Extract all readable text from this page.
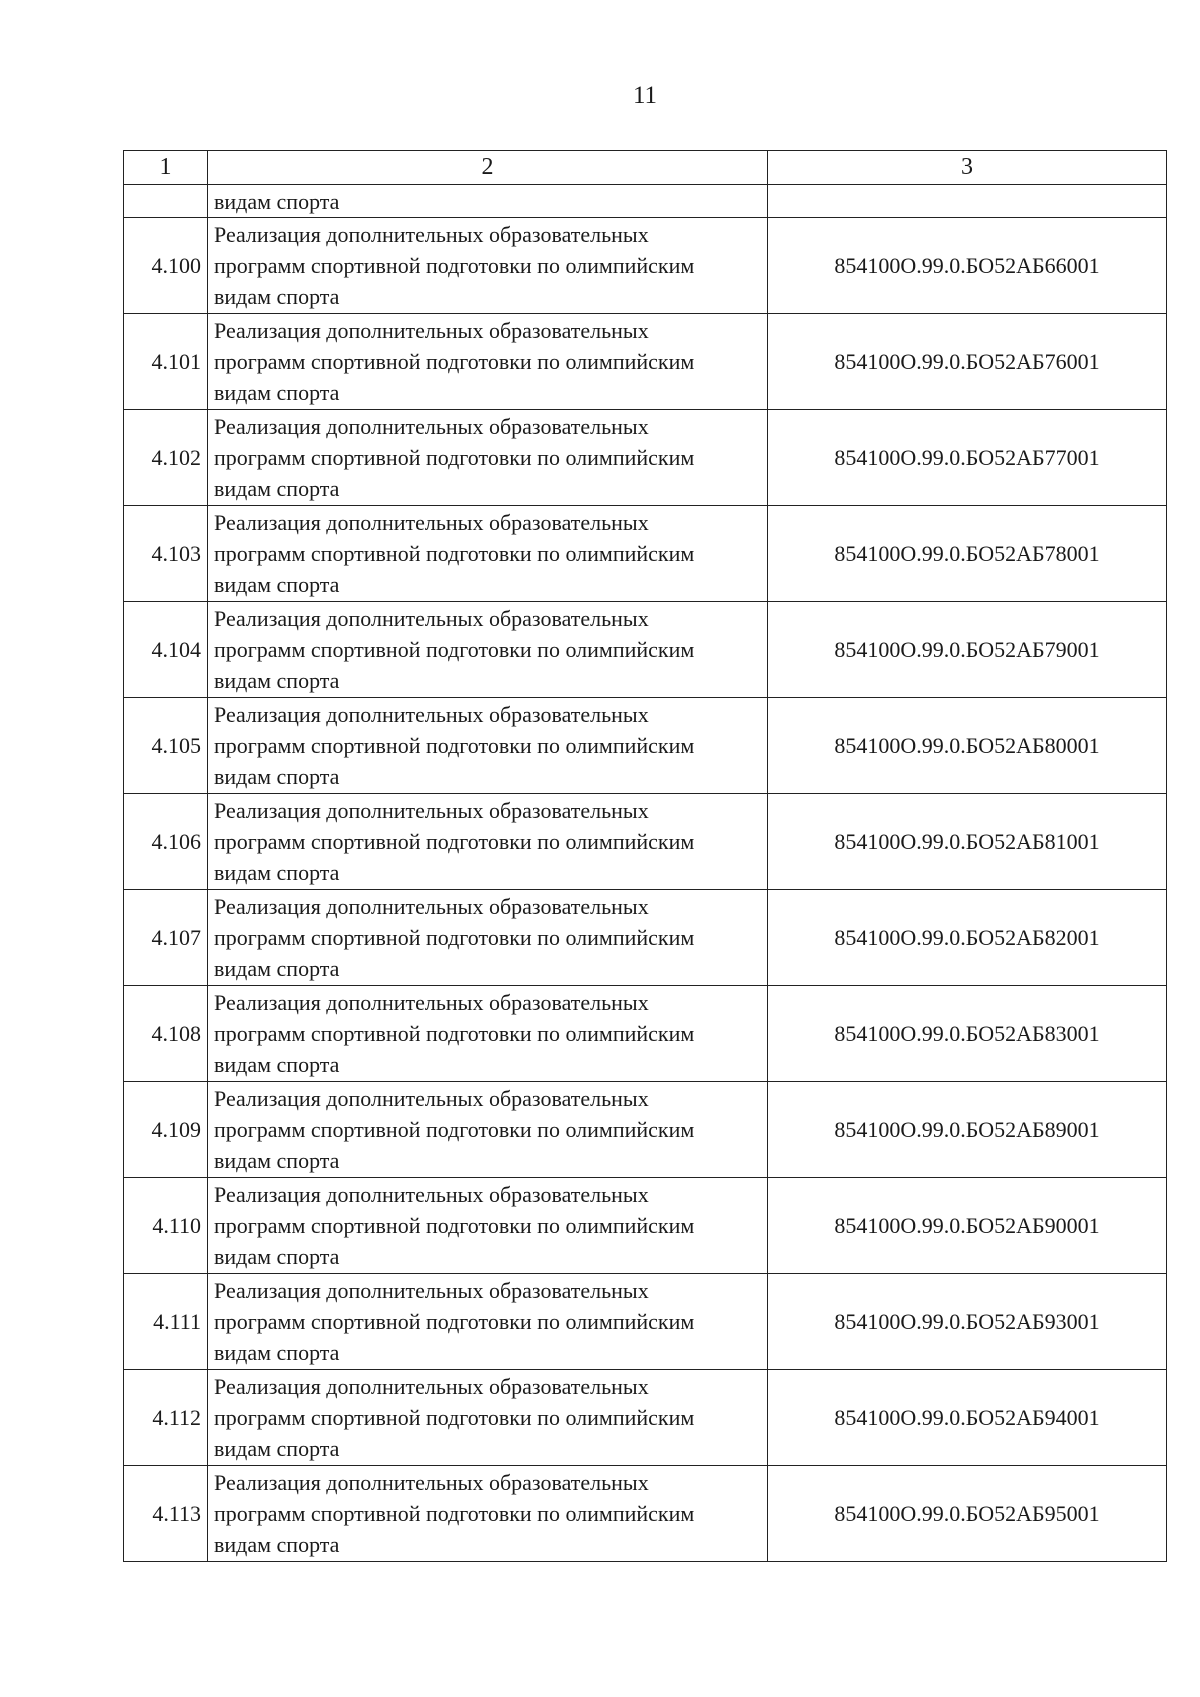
11
1	2	3

	видам спорта	

4.100	Реализация дополнительных образовательных
программ спортивной подготовки по олимпийским
видам спорта	854100О.99.0.БО52АБ66001
4.101	Реализация дополнительных образовательных
программ спортивной подготовки по олимпийским
видам спорта	854100О.99.0.БО52АБ76001
4.102	Реализация дополнительных образовательных
программ спортивной подготовки по олимпийским
видам спорта	854100О.99.0.БО52АБ77001
4.103	Реализация дополнительных образовательных
программ спортивной подготовки по олимпийским
видам спорта	854100О.99.0.БО52АБ78001
4.104	Реализация дополнительных образовательных
программ спортивной подготовки по олимпийским
видам спорта	854100О.99.0.БО52АБ79001
4.105	Реализация дополнительных образовательных
программ спортивной подготовки по олимпийским
видам спорта	854100О.99.0.БО52АБ80001
4.106	Реализация дополнительных образовательных
программ спортивной подготовки по олимпийским
видам спорта	854100О.99.0.БО52АБ81001
4.107	Реализация дополнительных образовательных
программ спортивной подготовки по олимпийским
видам спорта	854100О.99.0.БО52АБ82001
4.108	Реализация дополнительных образовательных
программ спортивной подготовки по олимпийским
видам спорта	854100О.99.0.БО52АБ83001
4.109	Реализация дополнительных образовательных
программ спортивной подготовки по олимпийским
видам спорта	854100О.99.0.БО52АБ89001
4.110	Реализация дополнительных образовательных
программ спортивной подготовки по олимпийским
видам спорта	854100О.99.0.БО52АБ90001
4.111	Реализация дополнительных образовательных
программ спортивной подготовки по олимпийским
видам спорта	854100О.99.0.БО52АБ93001
4.112	Реализация дополнительных образовательных
программ спортивной подготовки по олимпийским
видам спорта	854100О.99.0.БО52АБ94001
4.113	Реализация дополнительных образовательных
программ спортивной подготовки по олимпийским
видам спорта	854100О.99.0.БО52АБ95001
